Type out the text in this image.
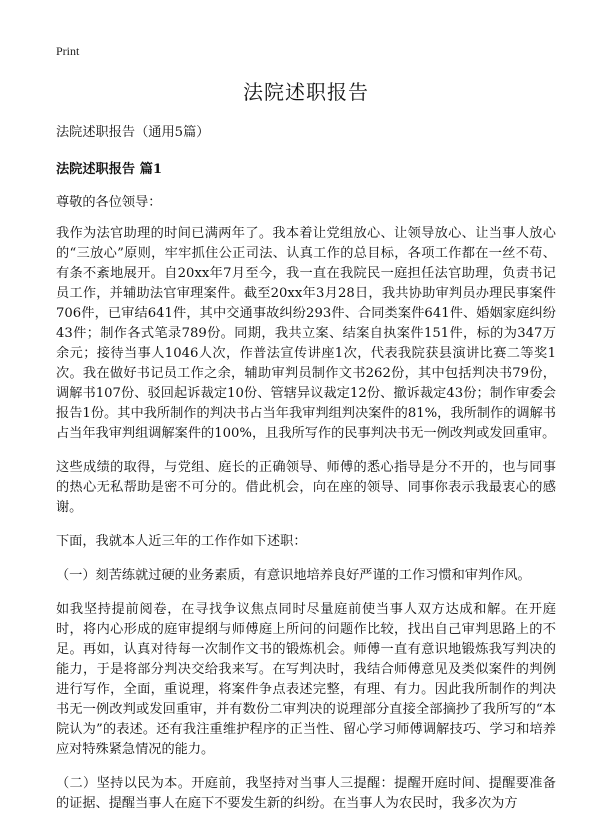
Print
法院述职报告
法院述职报告（通用5篇）
法院述职报告 篇1
尊敬的各位领导：
我作为法官助理的时间已满两年了。我本着让党组放心、让领导放心、让当事人放心的“三放心”原则，牢牢抓住公正司法、认真工作的总目标，各项工作都在一丝不苟、有条不紊地展开。自20xx年7月至今，我一直在我院民一庭担任法官助理，负责书记员工作，并辅助法官审理案件。截至20xx年3月28日，我共协助审判员办理民事案件706件，已审结641件，其中交通事故纠纷293件、合同类案件641件、婚姻家庭纠纷43件；制作各式笔录789份。同期，我共立案、结案自执案件151件，标的为347万余元；接待当事人1046人次，作普法宣传讲座1次，代表我院获县演讲比赛二等奖1次。我在做好书记员工作之余，辅助审判员制作文书262份，其中包括判决书79份，调解书107份、驳回起诉裁定10份、管辖异议裁定12份、撤诉裁定43份；制作审委会报告1份。其中我所制作的判决书占当年我审判组判决案件的81%，我所制作的调解书占当年我审判组调解案件的100%，且我所写作的民事判决书无一例改判或发回重审。
这些成绩的取得，与党组、庭长的正确领导、师傅的悉心指导是分不开的，也与同事的热心无私帮助是密不可分的。借此机会，向在座的领导、同事你表示我最衷心的感谢。
下面，我就本人近三年的工作作如下述职：
（一）刻苦练就过硬的业务素质，有意识地培养良好严谨的工作习惯和审判作风。
如我坚持提前阅卷，在寻找争议焦点同时尽量庭前使当事人双方达成和解。在开庭时，将内心形成的庭审提纲与师傅庭上所问的问题作比较，找出自己审判思路上的不足。再如，认真对待每一次制作文书的锻炼机会。师傅一直有意识地锻炼我写判决的能力，于是将部分判决交给我来写。在写判决时，我结合师傅意见及类似案件的判例进行写作，全面，重说理，将案件争点表述完整，有理、有力。因此我所制作的判决书无一例改判或发回重审，并有数份二审判决的说理部分直接全部摘抄了我所写的“本院认为”的表述。还有我注重维护程序的正当性、留心学习师傅调解技巧、学习和培养应对特殊紧急情况的能力。
（二）坚持以民为本。开庭前，我坚持对当事人三提醒：提醒开庭时间、提醒要准备的证据、提醒当事人在庭下不要发生新的纠纷。在当事人为农民时，我多次为方
